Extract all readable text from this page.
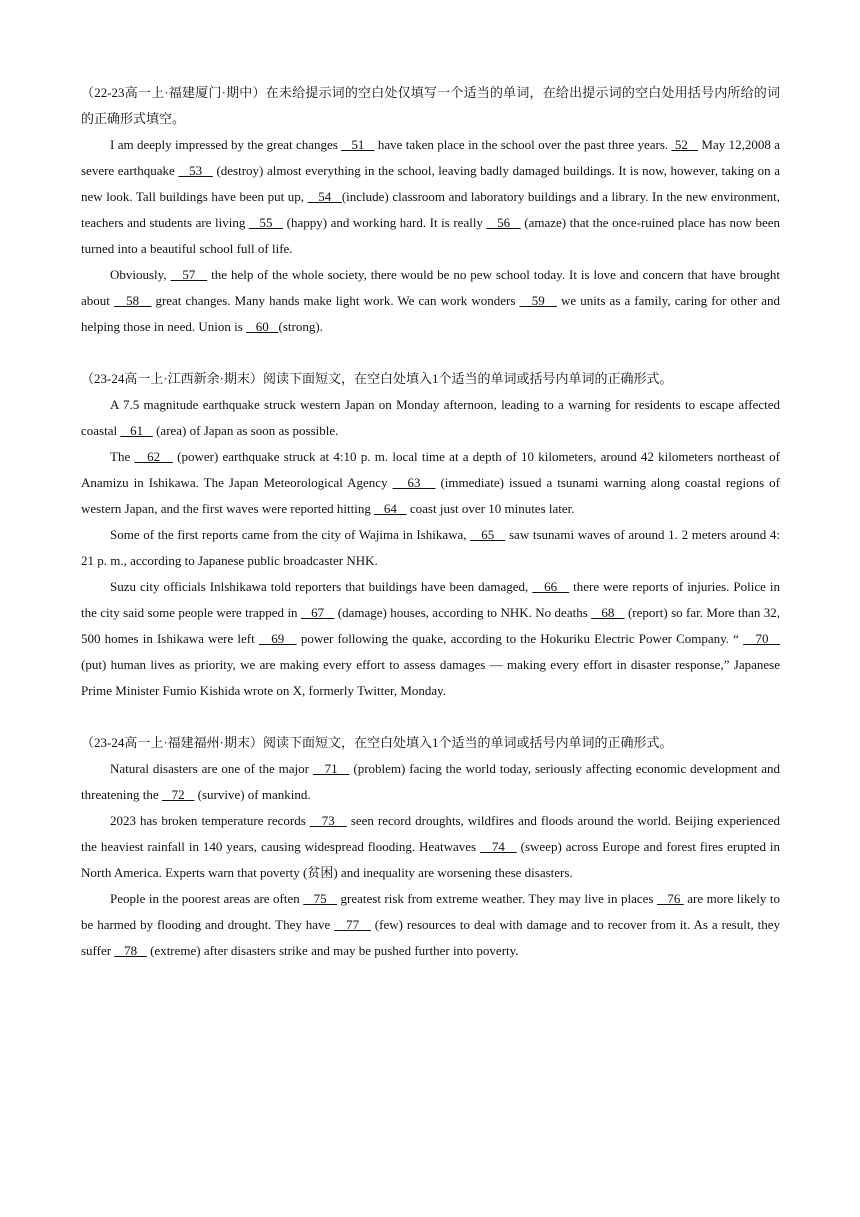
（22-23高一上·福建厦门·期中）在未给提示词的空白处仅填写一个适当的单词，在给出提示词的空白处用括号内所给的词的正确形式填空。

I am deeply impressed by the great changes    51    have taken place in the school over the past three years.  52    May 12,2008 a severe earthquake    53    (destroy) almost everything in the school, leaving badly damaged buildings. It is now, however, taking on a new look. Tall buildings have been put up,    54   (include) classroom and laboratory buildings and a library. In the new environment, teachers and students are living    55    (happy) and working hard. It is really    56    (amaze) that the once-ruined place has now been turned into a beautiful school full of life.

Obviously,    57    the help of the whole society, there would be no pew school today. It is love and concern that have brought about    58    great changes. Many hands make light work. We can work wonders    59    we units as a family, caring for other and helping those in need. Union is    60   (strong).

（23-24高一上·江西新余·期末）阅读下面短文，在空白处填入1个适当的单词或括号内单词的正确形式。

A 7.5 magnitude earthquake struck western Japan on Monday afternoon, leading to a warning for residents to escape affected coastal    61    (area) of Japan as soon as possible.

The    62    (power) earthquake struck at 4:10 p. m. local time at a depth of 10 kilometers, around 42 kilometers northeast of Anamizu in Ishikawa. The Japan Meteorological Agency    63    (immediate) issued a tsunami warning along coastal regions of western Japan, and the first waves were reported hitting    64    coast just over 10 minutes later.

Some of the first reports came from the city of Wajima in Ishikawa,    65    saw tsunami waves of around 1. 2 meters around 4: 21 p. m., according to Japanese public broadcaster NHK.

Suzu city officials Inlshikawa told reporters that buildings have been damaged,    66    there were reports of injuries. Police in the city said some people were trapped in    67    (damage) houses, according to NHK. No deaths    68    (report) so far. More than 32, 500 homes in Ishikawa were left    69    power following the quake, according to the Hokuriku Electric Power Company. “    70    (put) human lives as priority, we are making every effort to assess damages — making every effort in disaster response,” Japanese Prime Minister Fumio Kishida wrote on X, formerly Twitter, Monday.

（23-24高一上·福建福州·期末）阅读下面短文，在空白处填入1个适当的单词或括号内单词的正确形式。

Natural disasters are one of the major    71    (problem) facing the world today, seriously affecting economic development and threatening the    72    (survive) of mankind.

2023 has broken temperature records    73    seen record droughts, wildfires and floods around the world. Beijing experienced the heaviest rainfall in 140 years, causing widespread flooding. Heatwaves    74    (sweep) across Europe and forest fires erupted in North America. Experts warn that poverty (贫困) and inequality are worsening these disasters.

People in the poorest areas are often    75    greatest risk from extreme weather. They may live in places    76  are more likely to be harmed by flooding and drought. They have    77    (few) resources to deal with damage and to recover from it. As a result, they suffer    78    (extreme) after disasters strike and may be pushed further into poverty.
